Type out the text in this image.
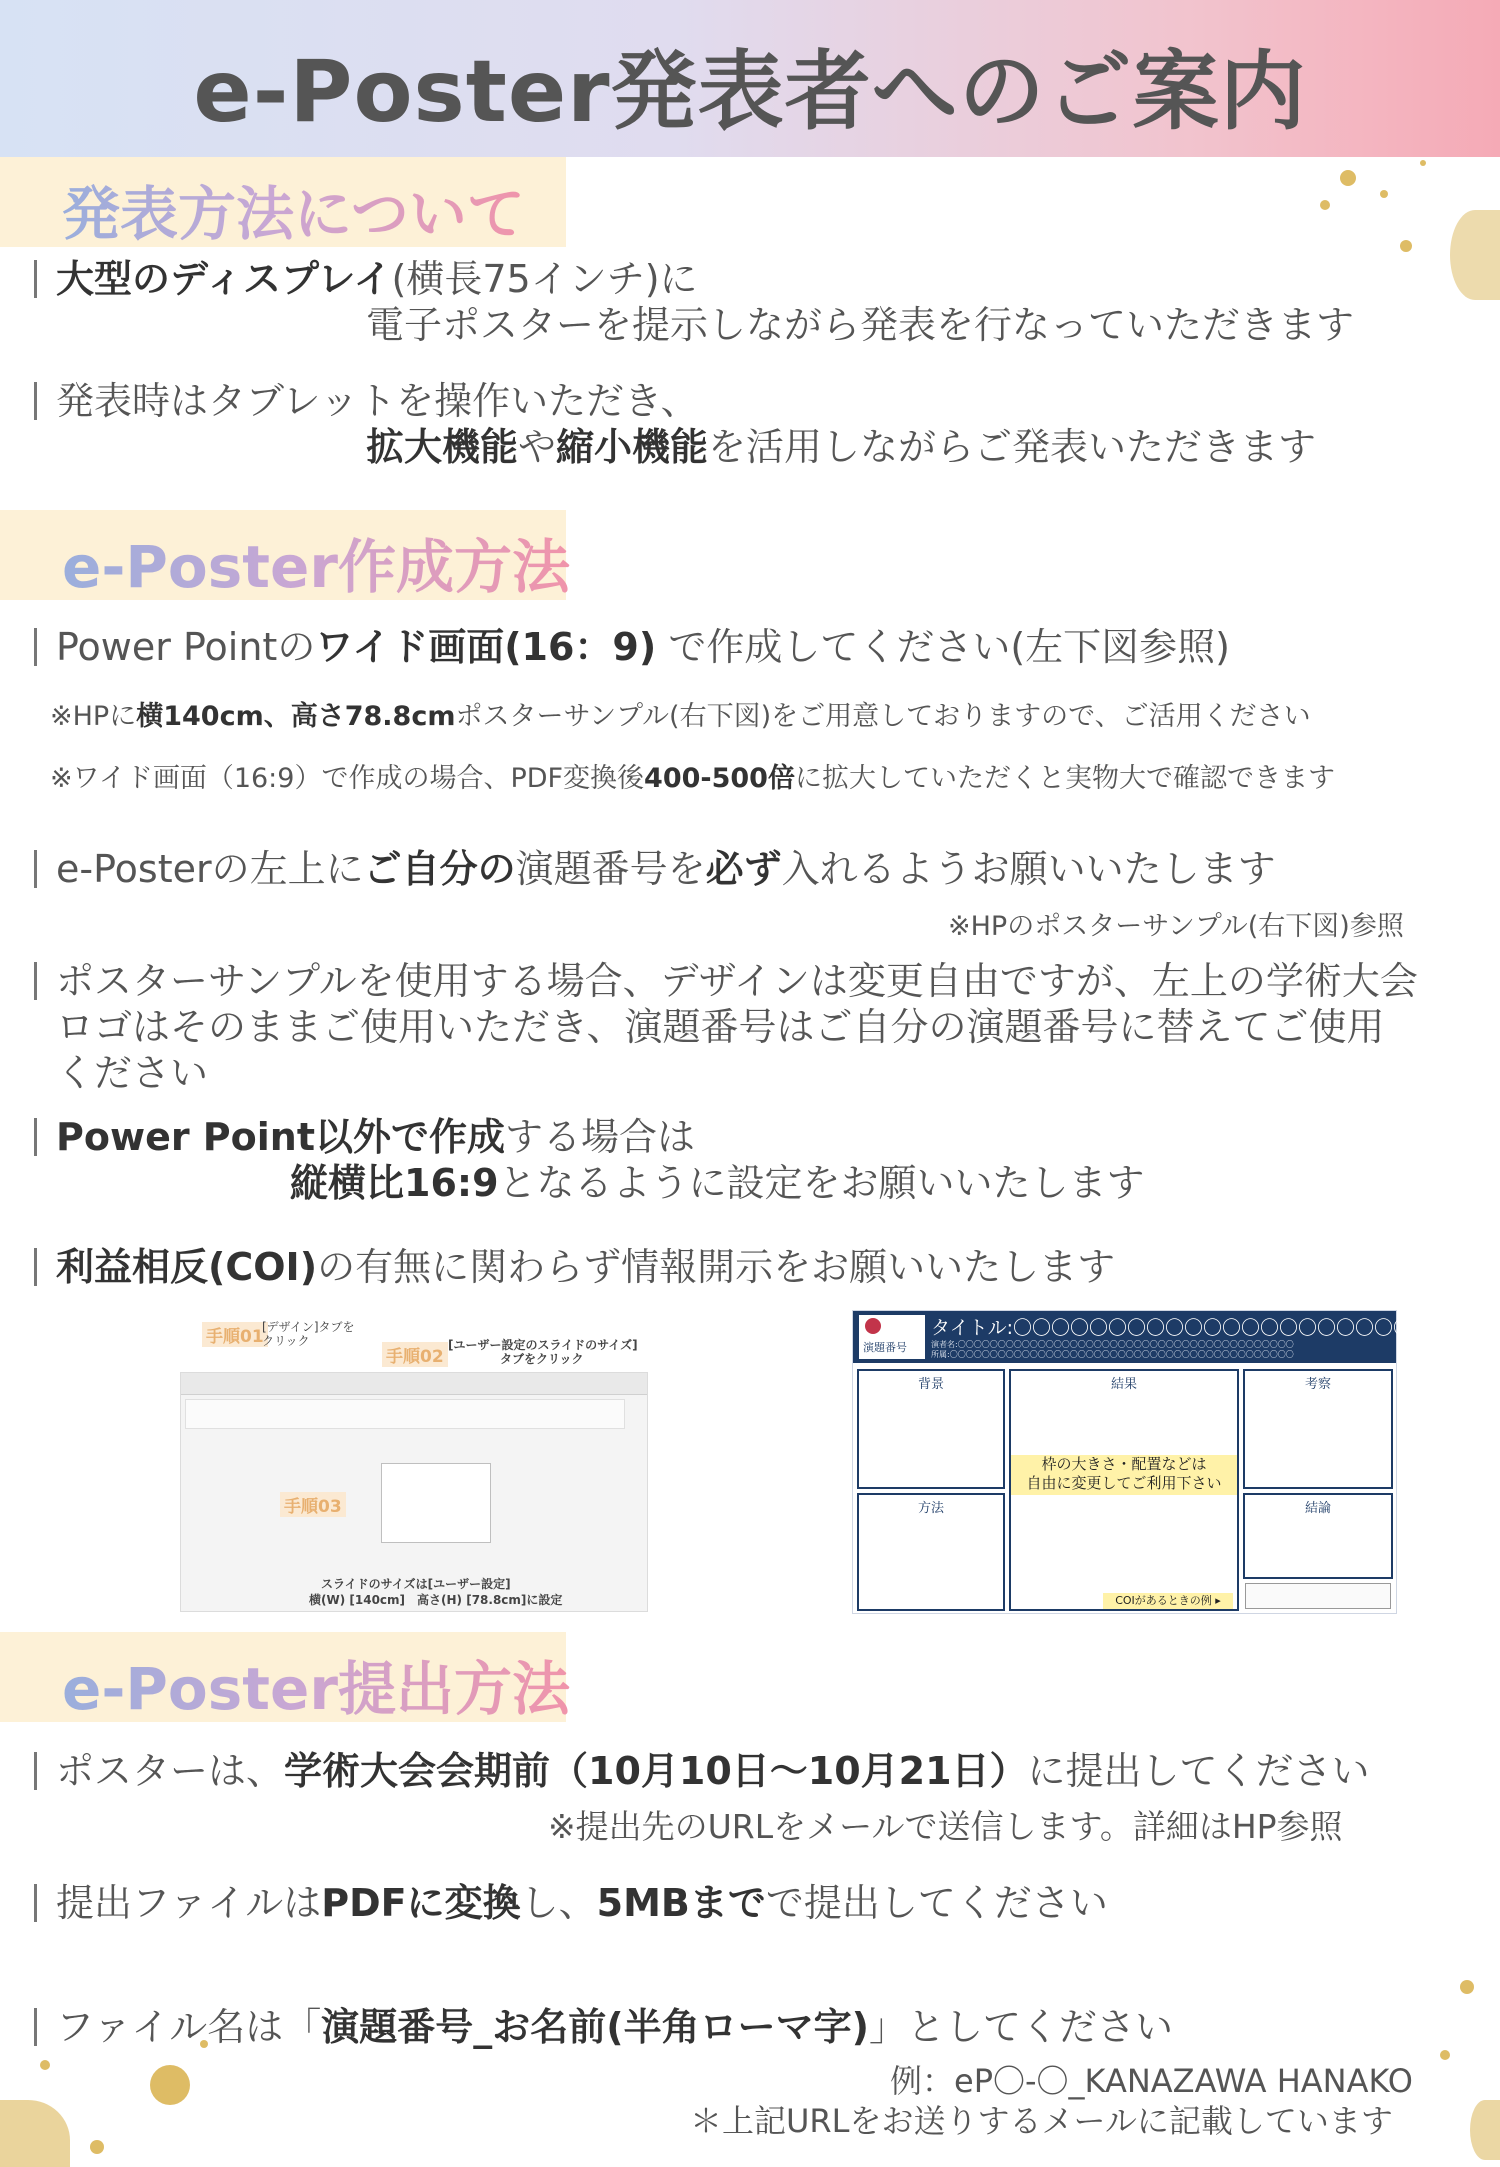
e-Poster発表者へのご案内
発表方法について
大型のディスプレイ(横長75インチ)に
電子ポスターを提示しながら発表を行なっていただきます
発表時はタブレットを操作いただき、
拡大機能や縮小機能を活用しながらご発表いただきます
e-Poster作成方法
Power Pointのワイド画面(16：9) で作成してください(左下図参照)
※HPに横140cm、高さ78.8cmポスターサンプル(右下図)をご用意しておりますので、ご活用ください
※ワイド画面（16:9）で作成の場合、PDF変換後400-500倍に拡大していただくと実物大で確認できます
e-Posterの左上にご自分の演題番号を必ず入れるようお願いいたします
※HPのポスターサンプル(右下図)参照
ポスターサンプルを使用する場合、デザインは変更自由ですが、左上の学術大会
ロゴはそのままご使用いただき、演題番号はご自分の演題番号に替えてご使用
ください
Power Point以外で作成する場合は
縦横比16:9となるように設定をお願いいたします
利益相反(COI)の有無に関わらず情報開示をお願いいたします
スライドのサイズは[ユーザー設定]
横(W) [140cm]　高さ(H) [78.8cm]に設定
手順01
[デザイン]タブを
クリック
手順02
[ユーザー設定のスライドのサイズ]
タブをクリック
手順03
演題番号
タイトル:〇〇〇〇〇〇〇〇〇〇〇〇〇〇〇〇〇〇〇〇〇〇〇
演者名:〇〇〇〇〇〇〇〇〇〇〇〇〇〇〇〇〇〇〇〇〇〇〇〇〇〇〇〇〇〇〇〇〇〇〇〇〇〇〇〇〇〇
所属:〇〇〇〇〇〇〇〇〇〇〇〇〇〇〇〇〇〇〇〇〇〇〇〇〇〇〇〇〇〇〇〇〇〇〇〇〇〇〇〇〇〇〇
背景
方法
結果	考察
結論
枠の大きさ・配置などは
自由に変更してご利用下さい
COIがあるときの例 ▸
e-Poster提出方法
ポスターは、学術大会会期前（10月10日～10月21日）に提出してください
※提出先のURLをメールで送信します。詳細はHP参照
提出ファイルはPDFに変換し、5MBまでで提出してください
ファイル名は「演題番号_お名前(半角ローマ字)」としてください
例：eP〇-〇_KANAZAWA HANAKO
＊上記URLをお送りするメールに記載しています
